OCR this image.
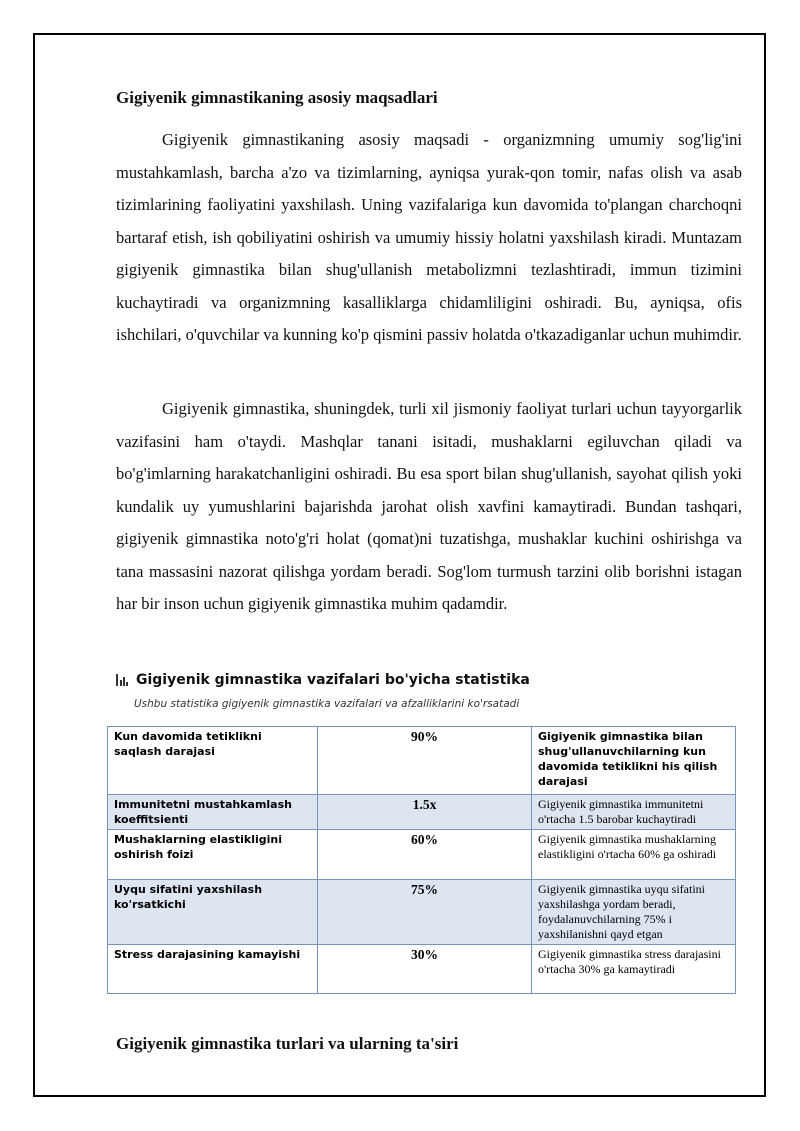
Gigiyenik gimnastikaning asosiy maqsadlari

Gigiyenik gimnastikaning asosiy maqsadi - organizmning umumiy sog'lig'ini mustahkamlash, barcha a'zo va tizimlarning, ayniqsa yurak-qon tomir, nafas olish va asab tizimlarining faoliyatini yaxshilash. Uning vazifalariga kun davomida to'plangan charchoqni bartaraf etish, ish qobiliyatini oshirish va umumiy hissiy holatni yaxshilash kiradi. Muntazam gigiyenik gimnastika bilan shug'ullanish metabolizmni tezlashtiradi, immun tizimini kuchaytiradi va organizmning kasalliklarga chidamliligini oshiradi. Bu, ayniqsa, ofis ishchilari, o'quvchilar va kunning ko'p qismini passiv holatda o'tkazadiganlar uchun muhimdir.

Gigiyenik gimnastika, shuningdek, turli xil jismoniy faoliyat turlari uchun tayyorgarlik vazifasini ham o'taydi. Mashqlar tanani isitadi, mushaklarni egiluvchan qiladi va bo'g'imlarning harakatchanligini oshiradi. Bu esa sport bilan shug'ullanish, sayohat qilish yoki kundalik uy yumushlarini bajarishda jarohat olish xavfini kamaytiradi. Bundan tashqari, gigiyenik gimnastika noto'g'ri holat (qomat)ni tuzatishga, mushaklar kuchini oshirishga va tana massasini nazorat qilishga yordam beradi. Sog'lom turmush tarzini olib borishni istagan har bir inson uchun gigiyenik gimnastika muhim qadamdir.

Gigiyenik gimnastika vazifalari bo'yicha statistika
Ushbu statistika gigiyenik gimnastika vazifalari va afzalliklarini ko'rsatadi
Kun davomida tetiklikni saqlash darajasi	90%	Gigiyenik gimnastika bilan shug'ullanuvchilarning kun davomida tetiklikni his qilish darajasi
Immunitetni mustahkamlash koeffitsienti	1.5x	Gigiyenik gimnastika immunitetni o'rtacha 1.5 barobar kuchaytiradi
Mushaklarning elastikligini oshirish foizi	60%	Gigiyenik gimnastika mushaklarning elastikligini o'rtacha 60% ga oshiradi
Uyqu sifatini yaxshilash ko'rsatkichi	75%	Gigiyenik gimnastika uyqu sifatini yaxshilashga yordam beradi, foydalanuvchilarning 75% i yaxshilanishni qayd etgan
Stress darajasining kamayishi	30%	Gigiyenik gimnastika stress darajasini o'rtacha 30% ga kamaytiradi
Gigiyenik gimnastika turlari va ularning ta'siri
